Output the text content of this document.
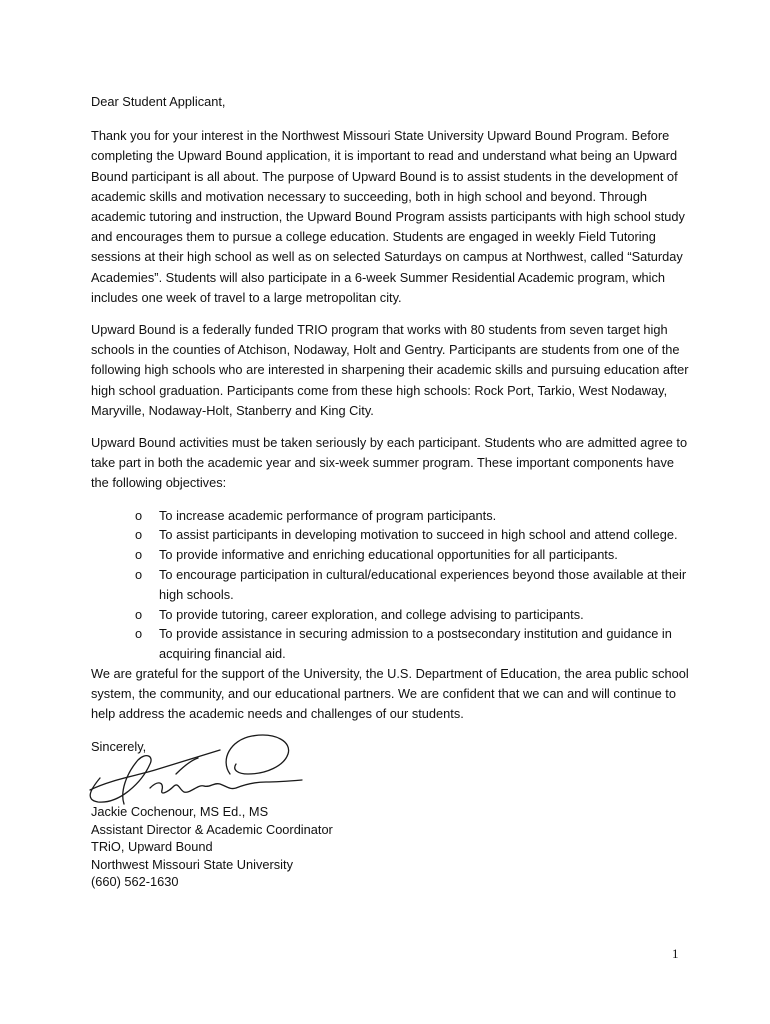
Dear Student Applicant,

Thank you for your interest in the Northwest Missouri State University Upward Bound Program. Before completing the Upward Bound application, it is important to read and understand what being an Upward Bound participant is all about. The purpose of Upward Bound is to assist students in the development of academic skills and motivation necessary to succeeding, both in high school and beyond. Through academic tutoring and instruction, the Upward Bound Program assists participants with high school study and encourages them to pursue a college education. Students are engaged in weekly Field Tutoring sessions at their high school as well as on selected Saturdays on campus at Northwest, called “Saturday Academies”. Students will also participate in a 6-week Summer Residential Academic program, which includes one week of travel to a large metropolitan city.

Upward Bound is a federally funded TRIO program that works with 80 students from seven target high schools in the counties of Atchison, Nodaway, Holt and Gentry. Participants are students from one of the following high schools who are interested in sharpening their academic skills and pursuing education after high school graduation. Participants come from these high schools: Rock Port, Tarkio, West Nodaway, Maryville, Nodaway-Holt, Stanberry and King City.

Upward Bound activities must be taken seriously by each participant. Students who are admitted agree to take part in both the academic year and six-week summer program. These important components have the following objectives:

o To increase academic performance of program participants.
o To assist participants in developing motivation to succeed in high school and attend college.
o To provide informative and enriching educational opportunities for all participants.
o To encourage participation in cultural/educational experiences beyond those available at their high schools.
o To provide tutoring, career exploration, and college advising to participants.
o To provide assistance in securing admission to a postsecondary institution and guidance in acquiring financial aid.

We are grateful for the support of the University, the U.S. Department of Education, the area public school system, the community, and our educational partners. We are confident that we can and will continue to help address the academic needs and challenges of our students.

Sincerely,

Jackie Cochenour, MS Ed., MS
Assistant Director & Academic Coordinator
TRiO, Upward Bound
Northwest Missouri State University
(660) 562-1630
1
